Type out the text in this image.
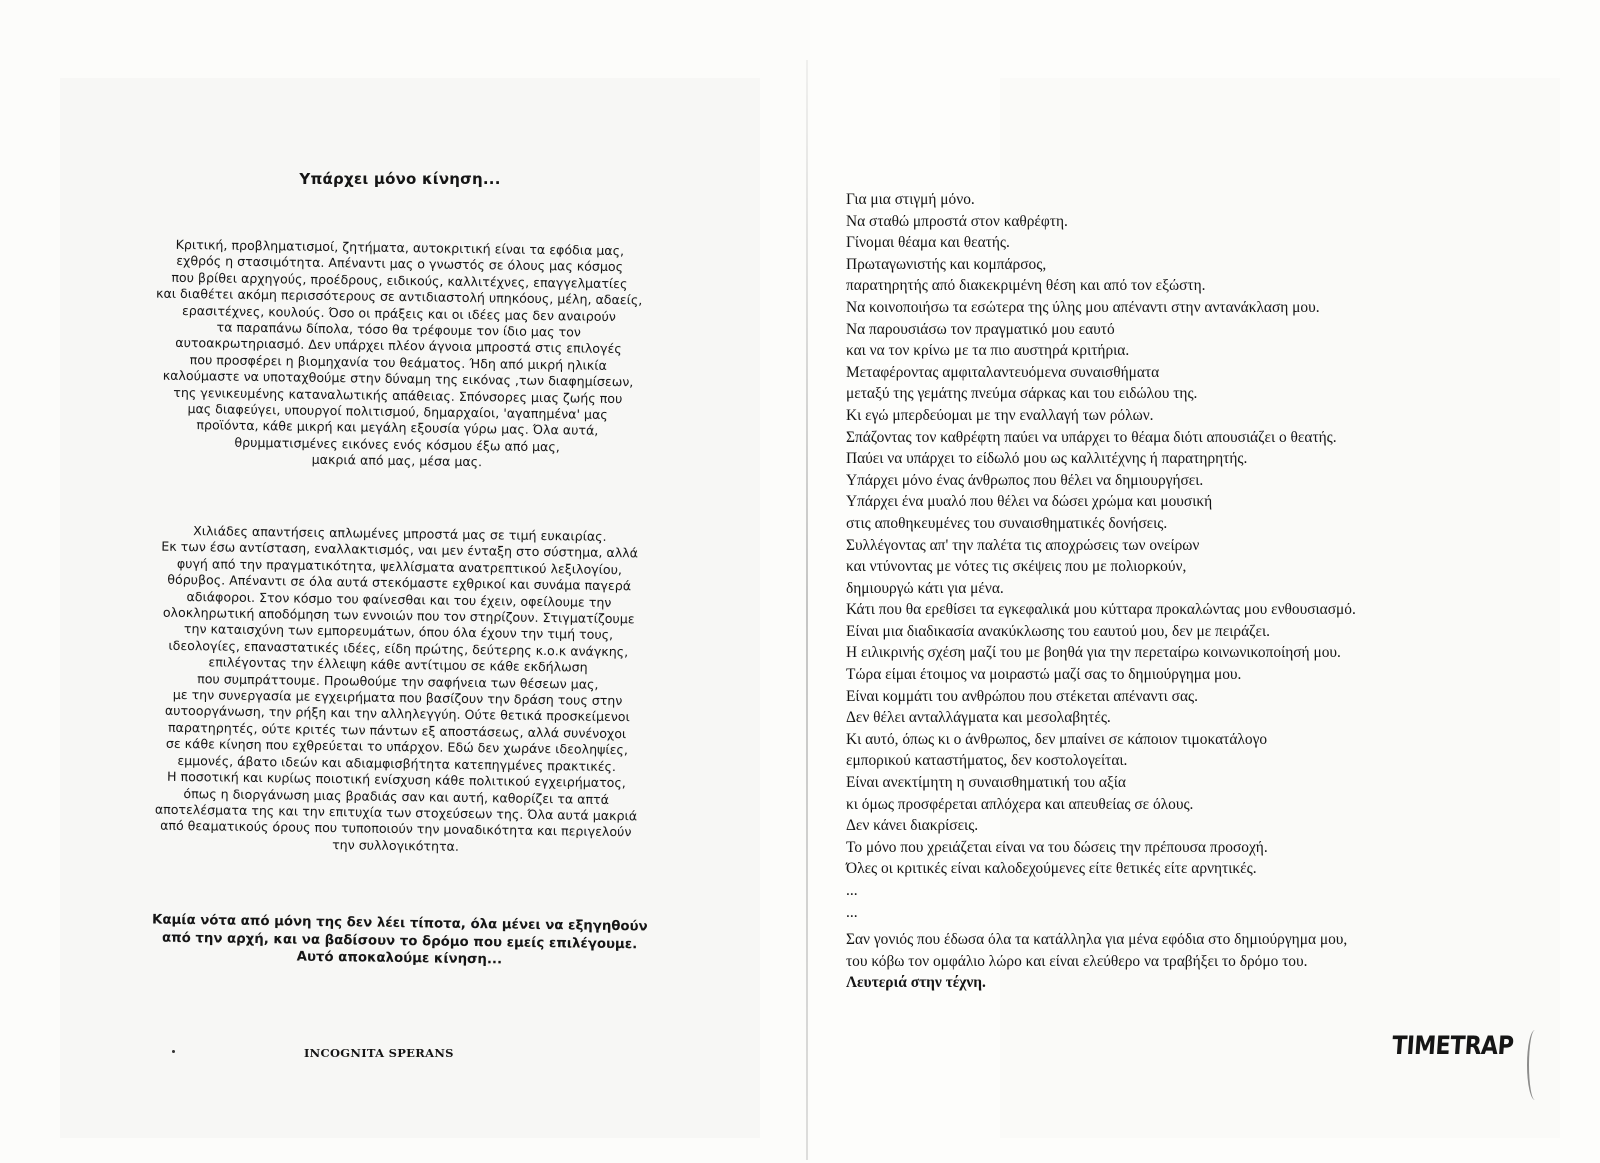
Υπάρχει μόνο κίνηση...
Κριτική, προβληματισμοί, ζητήματα, αυτοκριτική είναι τα εφόδια μας,
εχθρός η στασιμότητα. Απέναντι μας ο γνωστός σε όλους μας κόσμος
που βρίθει αρχηγούς, προέδρους, ειδικούς, καλλιτέχνες, επαγγελματίες
και διαθέτει ακόμη περισσότερους σε αντιδιαστολή υπηκόους, μέλη, αδαείς,
ερασιτέχνες, κουλούς. Όσο οι πράξεις και οι ιδέες μας δεν αναιρούν
τα παραπάνω δίπολα, τόσο θα τρέφουμε τον ίδιο μας τον
αυτοακρωτηριασμό. Δεν υπάρχει πλέον άγνοια μπροστά στις επιλογές
που προσφέρει η βιομηχανία του θεάματος. Ήδη από μικρή ηλικία
καλούμαστε να υποταχθούμε στην δύναμη της εικόνας ,των διαφημίσεων,
της γενικευμένης καταναλωτικής απάθειας. Σπόνσορες μιας ζωής που
μας διαφεύγει, υπουργοί πολιτισμού, δημαρχαίοι, 'αγαπημένα' μας
προϊόντα, κάθε μικρή και μεγάλη εξουσία γύρω μας. Όλα αυτά,
θρυμματισμένες εικόνες ενός κόσμου έξω από μας,
μακριά από μας, μέσα μας.
Χιλιάδες απαντήσεις απλωμένες μπροστά μας σε τιμή ευκαιρίας.
Εκ των έσω αντίσταση, εναλλακτισμός, ναι μεν ένταξη στο σύστημα, αλλά
φυγή από την πραγματικότητα, ψελλίσματα ανατρεπτικού λεξιλογίου,
θόρυβος. Απέναντι σε όλα αυτά στεκόμαστε εχθρικοί και συνάμα παγερά
αδιάφοροι. Στον κόσμο του φαίνεσθαι και του έχειν, οφείλουμε την
ολοκληρωτική αποδόμηση των εννοιών που τον στηρίζουν. Στιγματίζουμε
την καταισχύνη των εμπορευμάτων, όπου όλα έχουν την τιμή τους,
ιδεολογίες, επαναστατικές ιδέες, είδη πρώτης, δεύτερης κ.ο.κ ανάγκης,
επιλέγοντας την έλλειψη κάθε αντίτιμου σε κάθε εκδήλωση
που συμπράττουμε. Προωθούμε την σαφήνεια των θέσεων μας,
με την συνεργασία με εγχειρήματα που βασίζουν την δράση τους στην
αυτοοργάνωση, την ρήξη και την αλληλεγγύη. Ούτε θετικά προσκείμενοι
παρατηρητές, ούτε κριτές των πάντων εξ αποστάσεως, αλλά συνένοχοι
σε κάθε κίνηση που εχθρεύεται το υπάρχον. Εδώ δεν χωράνε ιδεοληψίες,
εμμονές, άβατο ιδεών και αδιαμφισβήτητα κατεπηγμένες πρακτικές.
Η ποσοτική και κυρίως ποιοτική ενίσχυση κάθε πολιτικού εγχειρήματος,
όπως η διοργάνωση μιας βραδιάς σαν και αυτή, καθορίζει τα απτά
αποτελέσματα της και την επιτυχία των στοχεύσεων της. Όλα αυτά μακριά
από θεαματικούς όρους που τυποποιούν την μοναδικότητα και περιγελούν
την συλλογικότητα.
Καμία νότα από μόνη της δεν λέει τίποτα, όλα μένει να εξηγηθούν
από την αρχή, και να βαδίσουν το δρόμο που εμείς επιλέγουμε.
Αυτό αποκαλούμε κίνηση...
INCOGNITA SPERANS
Για μια στιγμή μόνο.
Να σταθώ μπροστά στον καθρέφτη.
Γίνομαι θέαμα και θεατής.
Πρωταγωνιστής και κομπάρσος,
παρατηρητής από διακεκριμένη θέση και από τον εξώστη.
Να κοινοποιήσω τα εσώτερα της ύλης μου απέναντι στην αντανάκλαση μου.
Να παρουσιάσω τον πραγματικό μου εαυτό
και να τον κρίνω με τα πιο αυστηρά κριτήρια.
Μεταφέροντας αμφιταλαντευόμενα συναισθήματα
μεταξύ της γεμάτης πνεύμα σάρκας και του ειδώλου της.
Κι εγώ μπερδεύομαι με την εναλλαγή των ρόλων.
Σπάζοντας τον καθρέφτη παύει να υπάρχει το θέαμα διότι απουσιάζει ο θεατής.
Παύει να υπάρχει το είδωλό μου ως καλλιτέχνης ή παρατηρητής.
Υπάρχει μόνο ένας άνθρωπος που θέλει να δημιουργήσει.
Υπάρχει ένα μυαλό που θέλει να δώσει χρώμα και μουσική
στις αποθηκευμένες του συναισθηματικές δονήσεις.
Συλλέγοντας απ' την παλέτα τις αποχρώσεις των ονείρων
και ντύνοντας με νότες τις σκέψεις που με πολιορκούν,
δημιουργώ κάτι για μένα.
Κάτι που θα ερεθίσει τα εγκεφαλικά μου κύτταρα προκαλώντας μου ενθουσιασμό.
Είναι μια διαδικασία ανακύκλωσης του εαυτού μου, δεν με πειράζει.
Η ειλικρινής σχέση μαζί του με βοηθά για την περεταίρω κοινωνικοποίησή μου.
Τώρα είμαι έτοιμος να μοιραστώ μαζί σας το δημιούργημα μου.
Είναι κομμάτι του ανθρώπου που στέκεται απέναντι σας.
Δεν θέλει ανταλλάγματα και μεσολαβητές.
Κι αυτό, όπως κι ο άνθρωπος, δεν μπαίνει σε κάποιον τιμοκατάλογο
εμπορικού καταστήματος, δεν κοστολογείται.
Είναι ανεκτίμητη η συναισθηματική του αξία
κι όμως προσφέρεται απλόχερα και απευθείας σε όλους.
Δεν κάνει διακρίσεις.
Το μόνο που χρειάζεται είναι να του δώσεις την πρέπουσα προσοχή.
Όλες οι κριτικές είναι καλοδεχούμενες είτε θετικές είτε αρνητικές.
...
...
Σαν γονιός που έδωσα όλα τα κατάλληλα για μένα εφόδια στο δημιούργημα μου,
του κόβω τον ομφάλιο λώρο και είναι ελεύθερο να τραβήξει το δρόμο του.
Λευτεριά στην τέχνη.
TIMETRAP
